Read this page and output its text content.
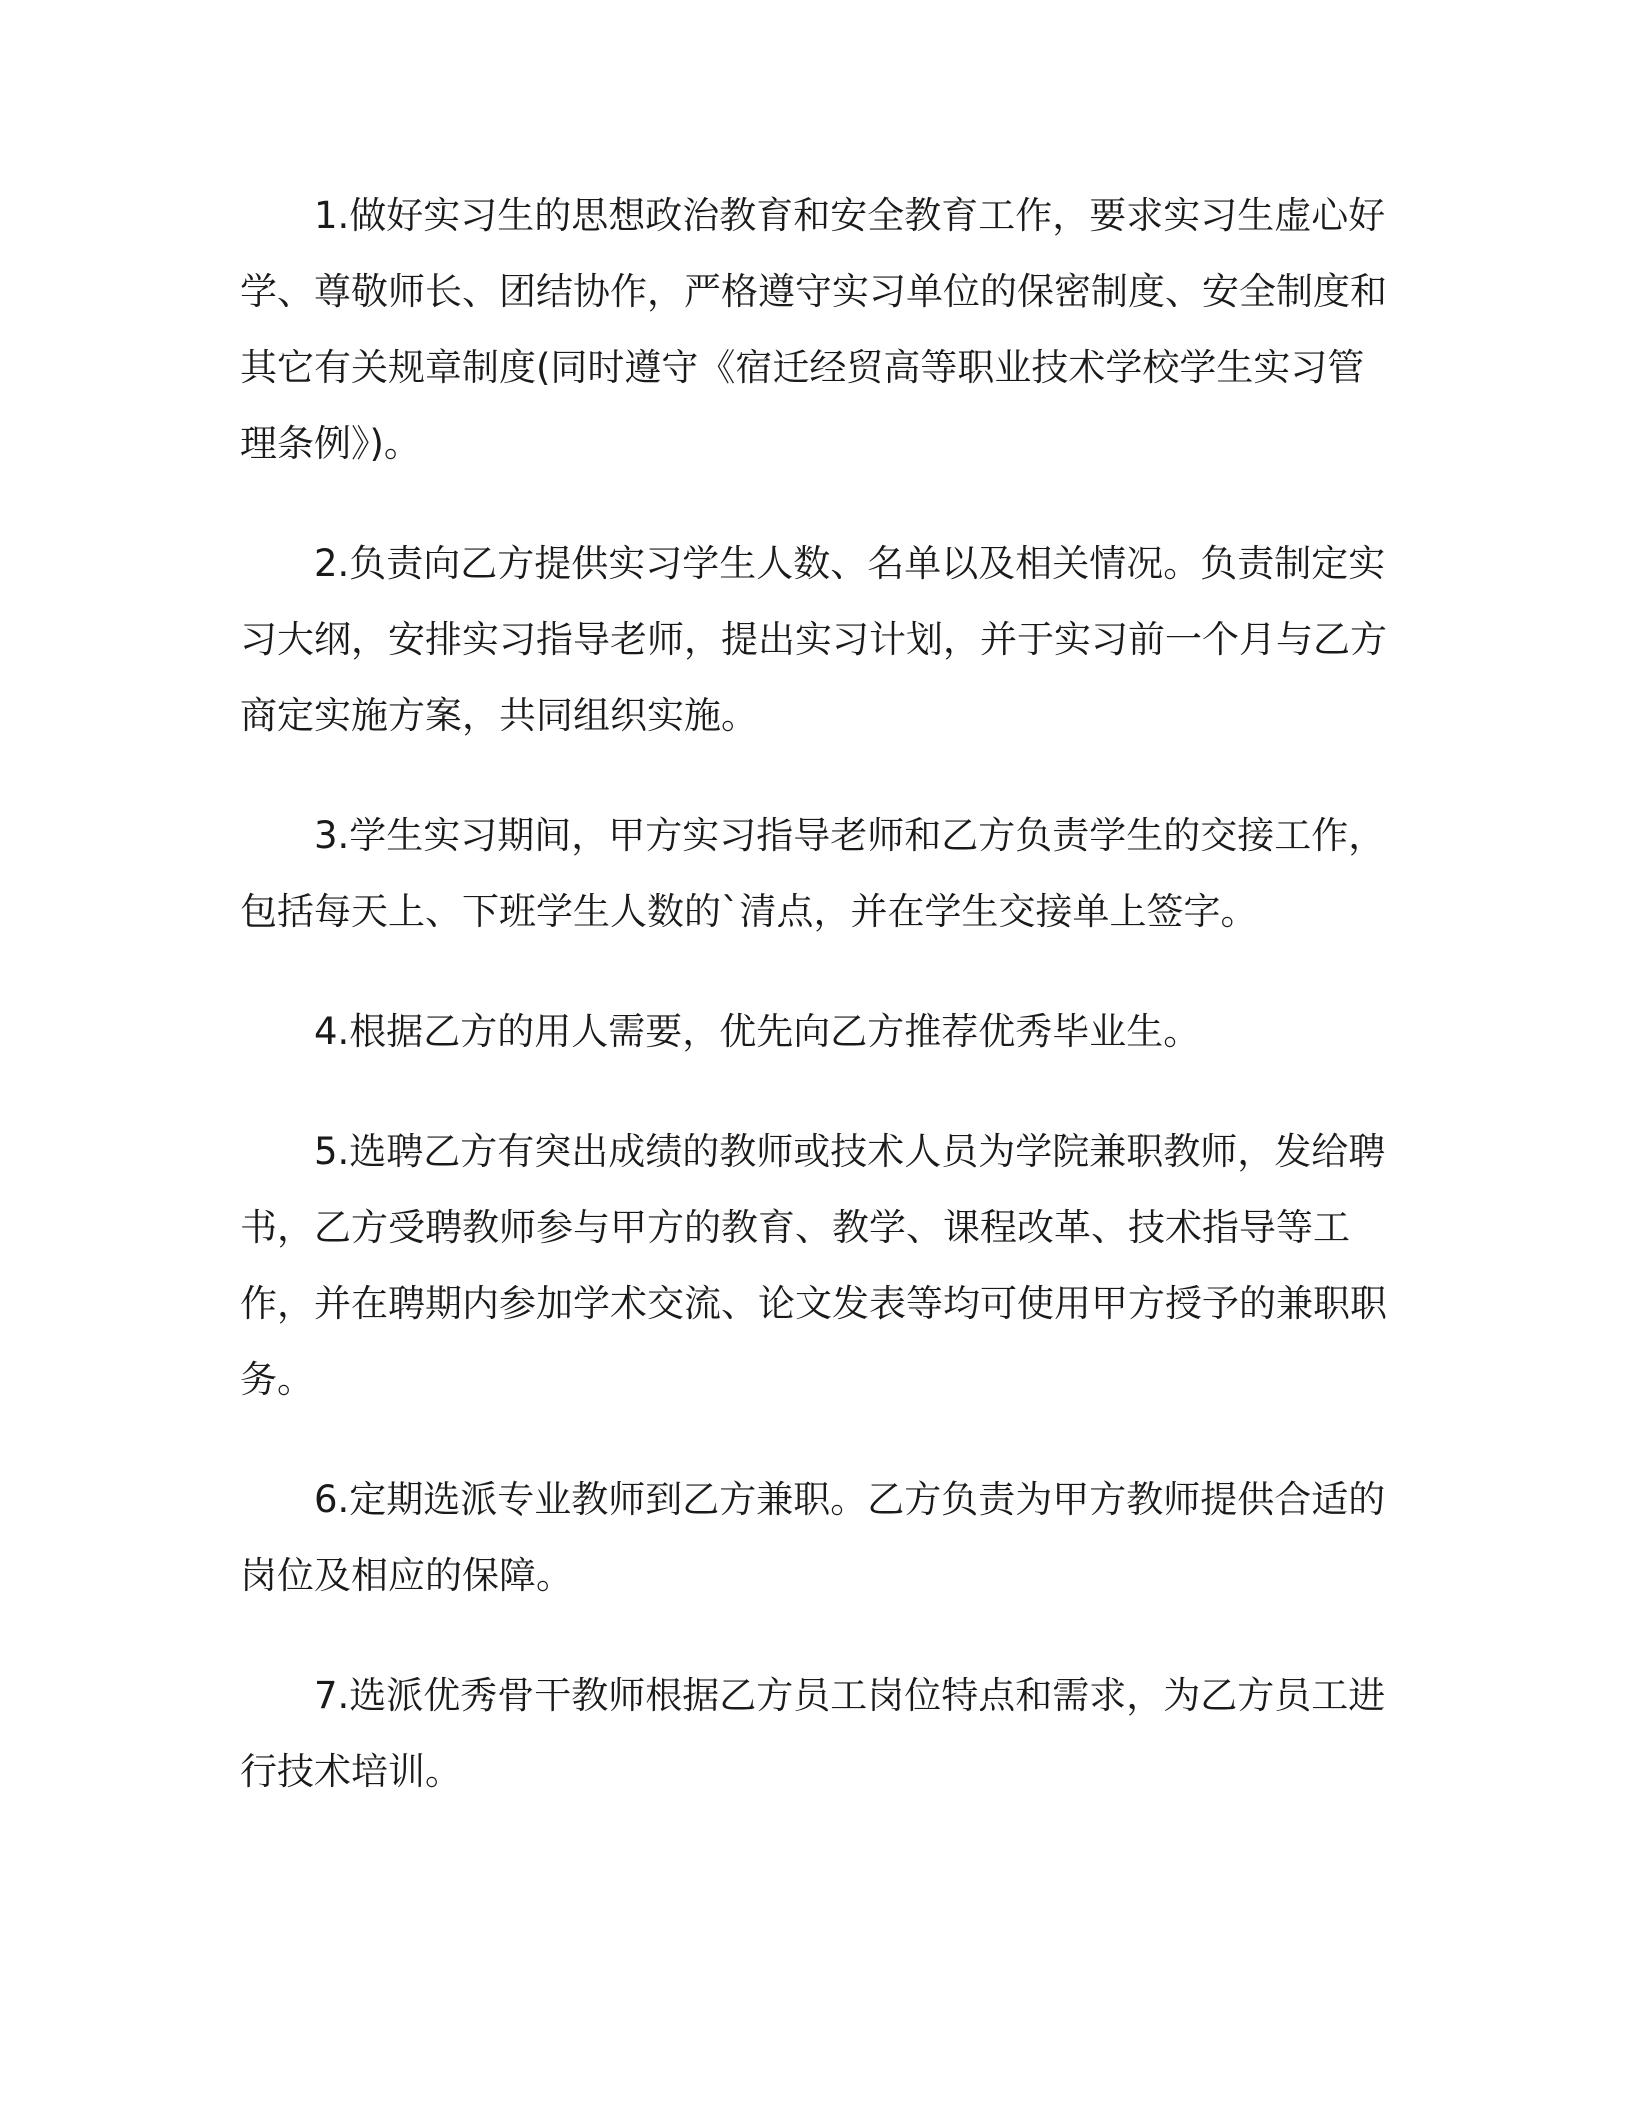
1.做好实习生的思想政治教育和安全教育工作，要求实习生虚心好学、尊敬师长、团结协作，严格遵守实习单位的保密制度、安全制度和其它有关规章制度(同时遵守《宿迁经贸高等职业技术学校学生实习管理条例》)。

2.负责向乙方提供实习学生人数、名单以及相关情况。负责制定实习大纲，安排实习指导老师，提出实习计划，并于实习前一个月与乙方商定实施方案，共同组织实施。

3.学生实习期间，甲方实习指导老师和乙方负责学生的交接工作，包括每天上、下班学生人数的`清点，并在学生交接单上签字。

4.根据乙方的用人需要，优先向乙方推荐优秀毕业生。

5.选聘乙方有突出成绩的教师或技术人员为学院兼职教师，发给聘书，乙方受聘教师参与甲方的教育、教学、课程改革、技术指导等工作，并在聘期内参加学术交流、论文发表等均可使用甲方授予的兼职职务。

6.定期选派专业教师到乙方兼职。乙方负责为甲方教师提供合适的岗位及相应的保障。

7.选派优秀骨干教师根据乙方员工岗位特点和需求，为乙方员工进行技术培训。
